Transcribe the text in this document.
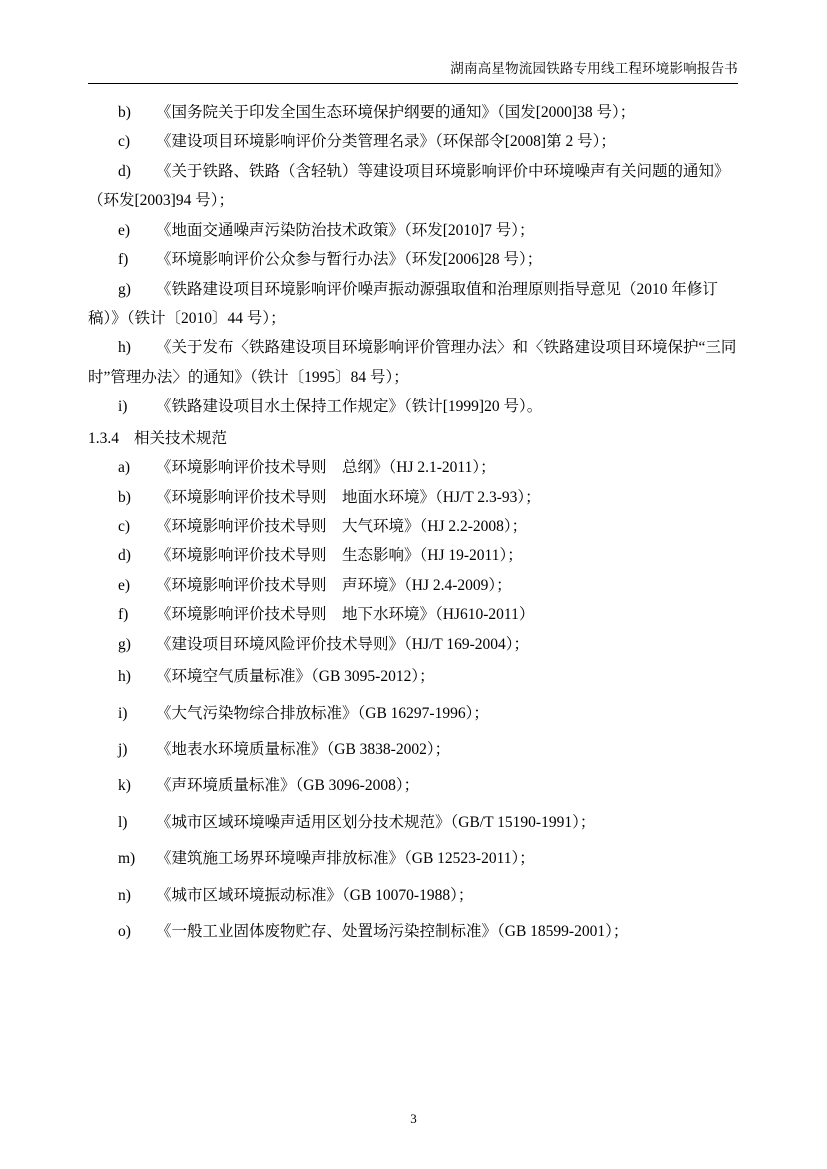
湖南高星物流园铁路专用线工程环境影响报告书
b) 《国务院关于印发全国生态环境保护纲要的通知》（国发[2000]38 号）；
c) 《建设项目环境影响评价分类管理名录》（环保部令[2008]第 2 号）；
d) 《关于铁路、铁路（含轻轨）等建设项目环境影响评价中环境噪声有关问题的通知》（环发[2003]94 号）；
e) 《地面交通噪声污染防治技术政策》（环发[2010]7 号）；
f) 《环境影响评价公众参与暂行办法》（环发[2006]28 号）；
g) 《铁路建设项目环境影响评价噪声振动源强取值和治理原则指导意见（2010 年修订稿）》（铁计〔2010〕44 号）；
h) 《关于发布〈铁路建设项目环境影响评价管理办法〉和〈铁路建设项目环境保护“三同时”管理办法〉的通知》（铁计〔1995〕84 号）；
i) 《铁路建设项目水土保持工作规定》（铁计[1999]20 号）。
1.3.4 相关技术规范
a) 《环境影响评价技术导则　总纲》（HJ 2.1-2011）；
b) 《环境影响评价技术导则　地面水环境》（HJ/T 2.3-93）；
c) 《环境影响评价技术导则　大气环境》（HJ 2.2-2008）；
d) 《环境影响评价技术导则　生态影响》（HJ 19-2011）；
e) 《环境影响评价技术导则　声环境》（HJ 2.4-2009）；
f) 《环境影响评价技术导则　地下水环境》（HJ610-2011）
g) 《建设项目环境风险评价技术导则》（HJ/T 169-2004）；
h) 《环境空气质量标准》（GB 3095-2012）；
i) 《大气污染物综合排放标准》（GB 16297-1996）；
j) 《地表水环境质量标准》（GB 3838-2002）；
k) 《声环境质量标准》（GB 3096-2008）；
l) 《城市区域环境噪声适用区划分技术规范》（GB/T 15190-1991）；
m) 《建筑施工场界环境噪声排放标准》（GB 12523-2011）；
n) 《城市区域环境振动标准》（GB 10070-1988）；
o) 《一般工业固体废物贮存、处置场污染控制标准》（GB 18599-2001）；
3
